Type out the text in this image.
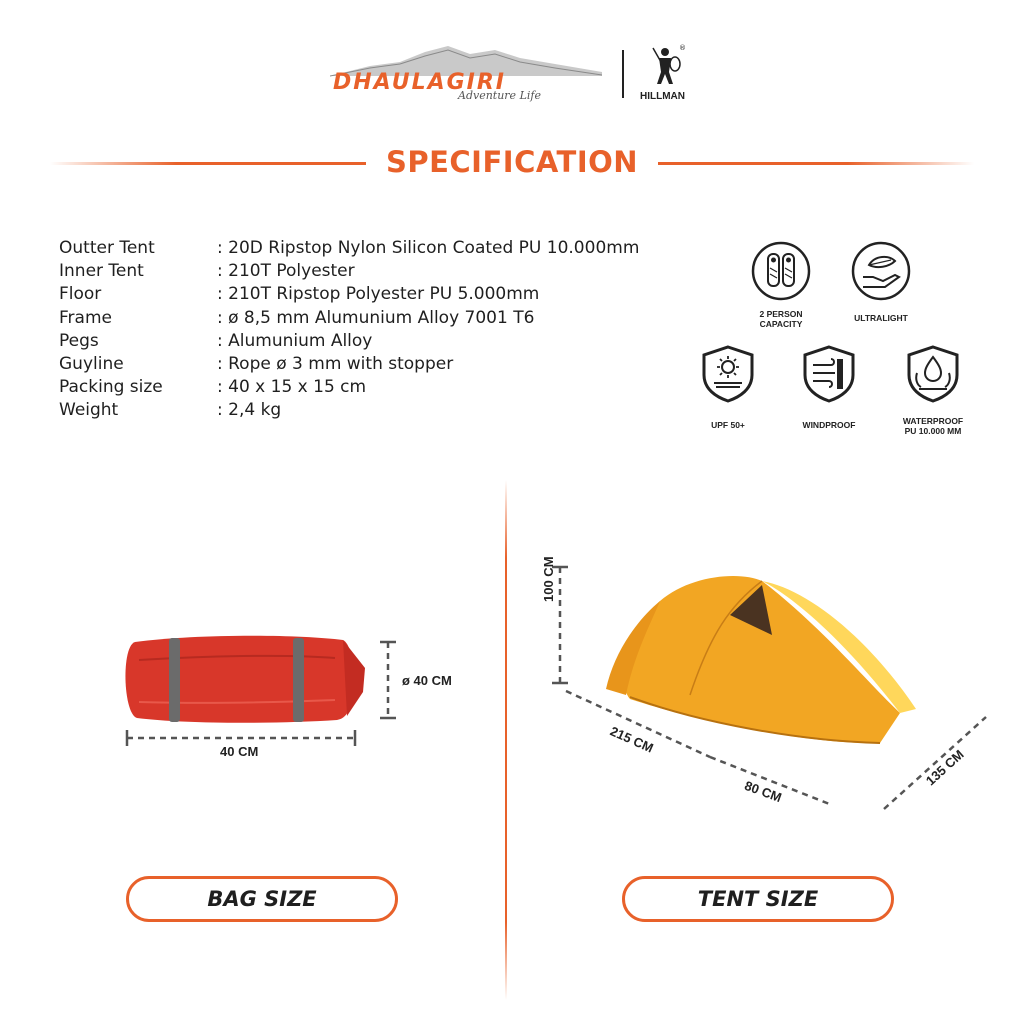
DHAULAGIRI
Adventure Life
®
HILLMAN
SPECIFICATION
Outter Tent	: 20D Ripstop Nylon Silicon Coated PU 10.000mm
Inner Tent	: 210T Polyester
Floor	: 210T Ripstop Polyester PU 5.000mm
Frame	: ø 8,5 mm Alumunium Alloy 7001 T6
Pegs	: Alumunium Alloy
Guyline	: Rope ø 3 mm with stopper
Packing size	: 40 x 15 x 15 cm
Weight	: 2,4 kg
2 PERSON
CAPACITY
ULTRALIGHT
UPF 50+	WINDPROOF	WATERPROOF
PU 10.000 MM
40 CM
ø 40 CM
100 CM
215 CM
80 CM
135 CM
BAG SIZE	TENT SIZE
